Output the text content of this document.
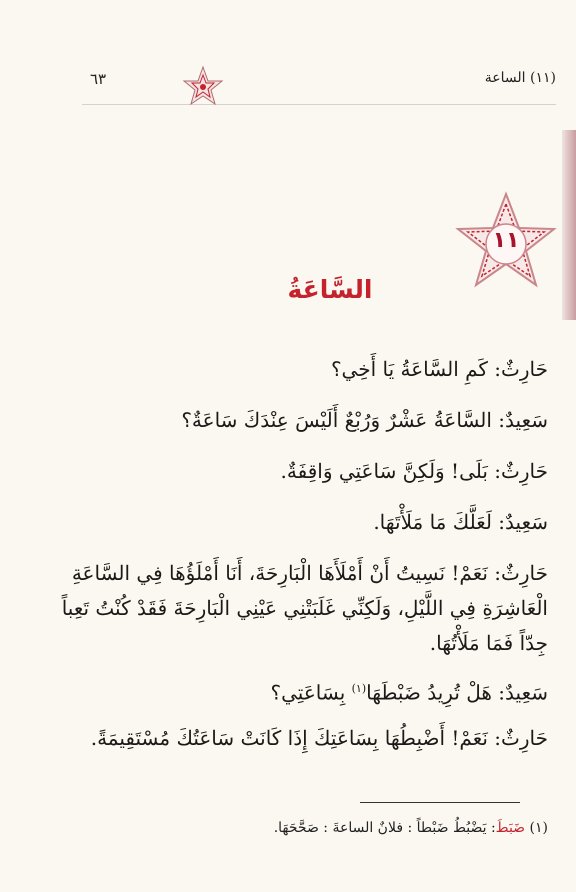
(١١) الساعة
٦٣
١١
السَّاعَةُ

حَارِثٌ: كَمِ السَّاعَةُ يَا أَخِي؟

سَعِيدٌ: السَّاعَةُ عَشْرٌ وَرُبْعٌ أَلَيْسَ عِنْدَكَ سَاعَةٌ؟

حَارِثٌ: بَلَى! وَلَكِنَّ سَاعَتِي وَاقِفَةٌ.

سَعِيدٌ: لَعَلَّكَ مَا مَلَأْتَهَا.

حَارِثٌ: نَعَمْ! نَسِيتُ أَنْ أَمْلَأَهَا الْبَارِحَةَ، أَنَا أَمْلَؤُهَا فِي السَّاعَةِ الْعَاشِرَةِ فِي اللَّيْلِ، وَلَكِنِّي غَلَبَتْنِي عَيْنِي الْبَارِحَةَ فَقَدْ كُنْتُ تَعِباً جِدّاً فَمَا مَلَأْتُهَا.

سَعِيدٌ: هَلْ تُرِيدُ ضَبْطَهَا$^{(١)}$ بِسَاعَتِي؟

حَارِثٌ: نَعَمْ! أَضْبِطُهَا بِسَاعَتِكَ إِذَا كَانَتْ سَاعَتُكَ مُسْتَقِيمَةً.

(١) ضَبَطَ: يَضْبُطُ ضَبْطاً : فلانٌ الساعةَ : صَحَّحَهَا.
